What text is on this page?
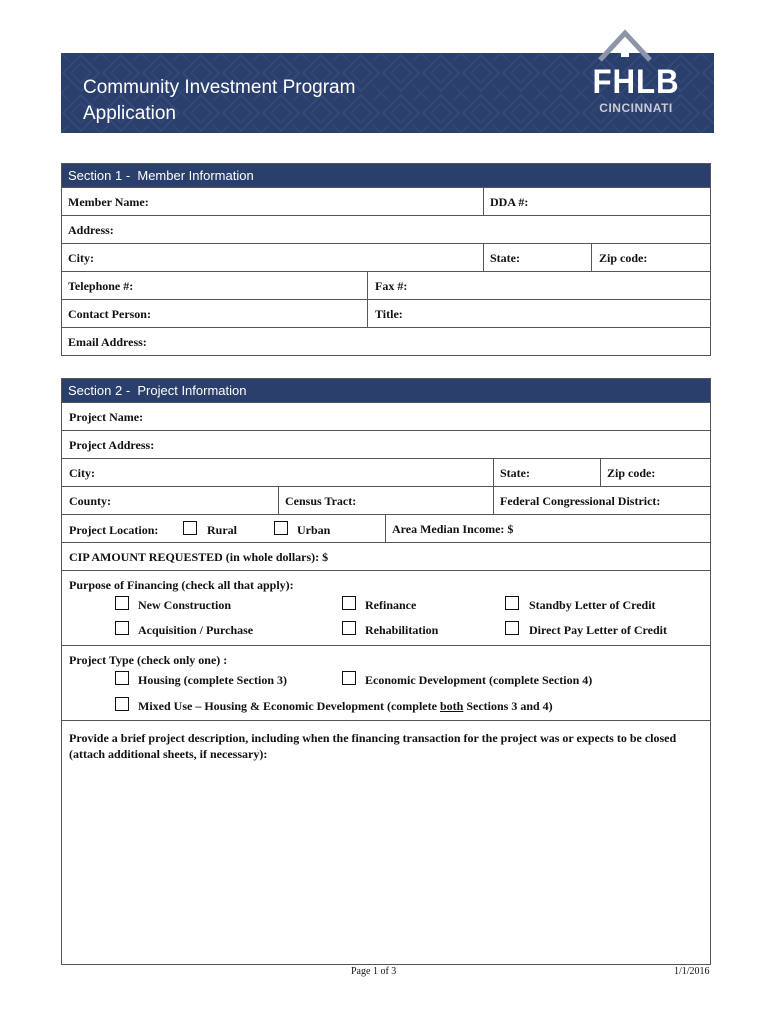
Community Investment Program
Application
FHLB
CINCINNATI
Section 1 -  Member Information
Member Name:	DDA #:
Address:
City:	State:	Zip code:
Telephone #:	Fax #:
Contact Person:	Title:
Email Address:
Section 2 -  Project Information
Project Name:
Project Address:
City:	State:	Zip code:
County:	Census Tract:	Federal Congressional District:
Project Location:	Rural	Urban	Area Median Income: $
CIP AMOUNT REQUESTED (in whole dollars): $
Purpose of Financing (check all that apply):
New Construction	Refinance	Standby Letter of Credit
Acquisition / Purchase	Rehabilitation	Direct Pay Letter of Credit
Project Type (check only one) :
Housing (complete Section 3)	Economic Development (complete Section 4)
Mixed Use – Housing & Economic Development (complete both Sections 3 and 4)
Provide a brief project description, including when the financing transaction for the project was or expects to be closed (attach additional sheets, if necessary):
Page 1 of 3	1/1/2016
